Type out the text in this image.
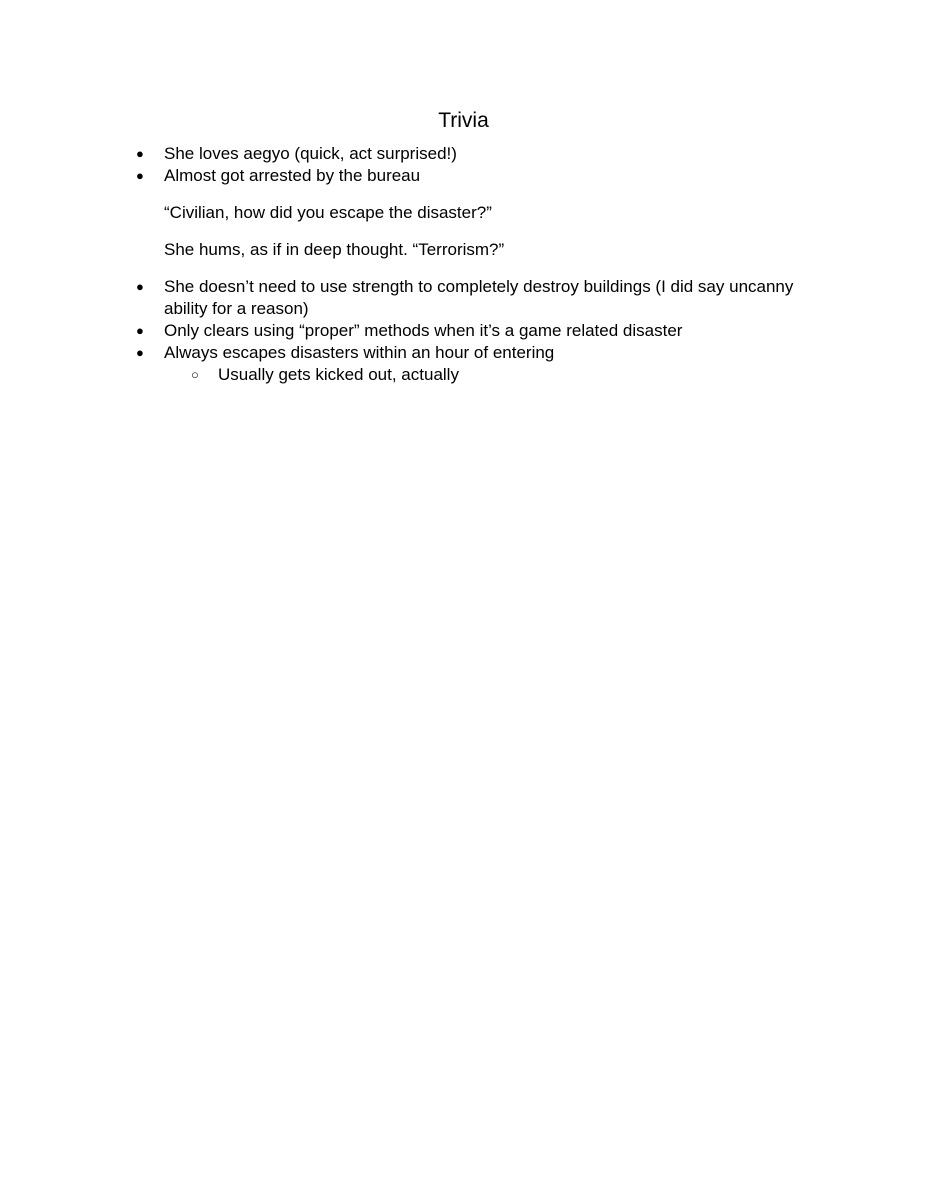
Trivia
●	She loves aegyo (quick, act surprised!)
●	Almost got arrested by the bureau
“Civilian, how did you escape the disaster?”
She hums, as if in deep thought. “Terrorism?”
●	She doesn’t need to use strength to completely destroy buildings (I did say uncanny ability for a reason)
●	Only clears using “proper” methods when it’s a game related disaster
●	Always escapes disasters within an hour of entering
○ Usually gets kicked out, actually
